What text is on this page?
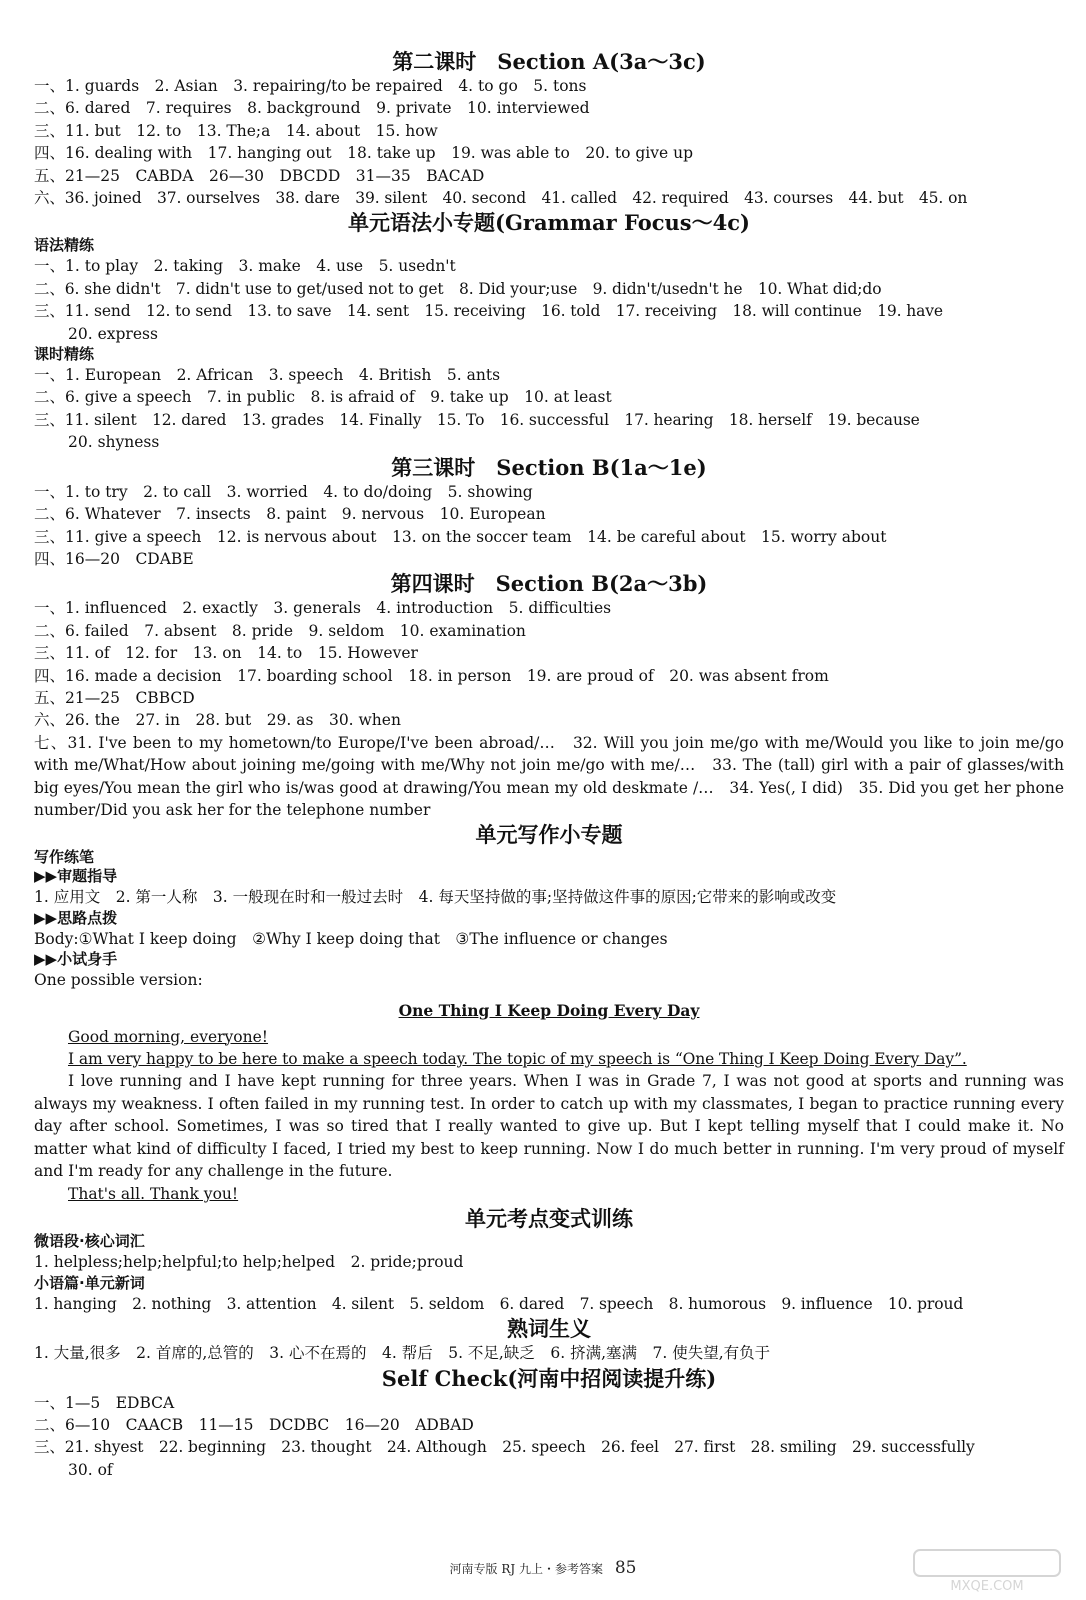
第二课时　Section A(3a～3c)

一、1. guards　2. Asian　3. repairing/to be repaired　4. to go　5. tons

二、6. dared　7. requires　8. background　9. private　10. interviewed

三、11. but　12. to　13. The;a　14. about　15. how

四、16. dealing with　17. hanging out　18. take up　19. was able to　20. to give up

五、21—25　CABDA　26—30　DBCDD　31—35　BACAD

六、36. joined　37. ourselves　38. dare　39. silent　40. second　41. called　42. required　43. courses　44. but　45. on

单元语法小专题(Grammar Focus～4c)

语法精练

一、1. to play　2. taking　3. make　4. use　5. usedn't

二、6. she didn't　7. didn't use to get/used not to get　8. Did your;use　9. didn't/usedn't he　10. What did;do

三、11. send　12. to send　13. to save　14. sent　15. receiving　16. told　17. receiving　18. will continue　19. have

20. express

课时精练

一、1. European　2. African　3. speech　4. British　5. ants

二、6. give a speech　7. in public　8. is afraid of　9. take up　10. at least

三、11. silent　12. dared　13. grades　14. Finally　15. To　16. successful　17. hearing　18. herself　19. because

20. shyness

第三课时　Section B(1a～1e)

一、1. to try　2. to call　3. worried　4. to do/doing　5. showing

二、6. Whatever　7. insects　8. paint　9. nervous　10. European

三、11. give a speech　12. is nervous about　13. on the soccer team　14. be careful about　15. worry about

四、16—20　CDABE

第四课时　Section B(2a～3b)

一、1. influenced　2. exactly　3. generals　4. introduction　5. difficulties

二、6. failed　7. absent　8. pride　9. seldom　10. examination

三、11. of　12. for　13. on　14. to　15. However

四、16. made a decision　17. boarding school　18. in person　19. are proud of　20. was absent from

五、21—25　CBBCD

六、26. the　27. in　28. but　29. as　30. when

七、31. I've been to my hometown/to Europe/I've been abroad/…　32. Will you join me/go with me/Would you like to join me/go with me/What/How about joining me/going with me/Why not join me/go with me/…　33. The (tall) girl with a pair of glasses/with big eyes/You mean the girl who is/was good at drawing/You mean my old deskmate /…　34. Yes(, I did)　35. Did you get her phone number/Did you ask her for the telephone number

单元写作小专题

写作练笔

▶▶审题指导

1. 应用文　2. 第一人称　3. 一般现在时和一般过去时　4. 每天坚持做的事;坚持做这件事的原因;它带来的影响或改变

▶▶思路点拨

Body:①What I keep doing　②Why I keep doing that　③The influence or changes

▶▶小试身手

One possible version:

One Thing I Keep Doing Every Day

Good morning, everyone!

I am very happy to be here to make a speech today. The topic of my speech is “One Thing I Keep Doing Every Day”.

I love running and I have kept running for three years. When I was in Grade 7, I was not good at sports and running was always my weakness. I often failed in my running test. In order to catch up with my classmates, I began to practice running every day after school. Sometimes, I was so tired that I really wanted to give up. But I kept telling myself that I could make it. No matter what kind of difficulty I faced, I tried my best to keep running. Now I do much better in running. I'm very proud of myself and I'm ready for any challenge in the future.

That's all. Thank you!

单元考点变式训练

微语段·核心词汇

1. helpless;help;helpful;to help;helped　2. pride;proud

小语篇·单元新词

1. hanging　2. nothing　3. attention　4. silent　5. seldom　6. dared　7. speech　8. humorous　9. influence　10. proud

熟词生义

1. 大量,很多　2. 首席的,总管的　3. 心不在焉的　4. 帮后　5. 不足,缺乏　6. 挤满,塞满　7. 使失望,有负于

Self Check(河南中招阅读提升练)

一、1—5　EDBCA

二、6—10　CAACB　11—15　DCDBC　16—20　ADBAD

三、21. shyest　22. beginning　23. thought　24. Although　25. speech　26. feel　27. first　28. smiling　29. successfully

30. of

河南专版 RJ 九上・参考答案 85
MXQE.COM
